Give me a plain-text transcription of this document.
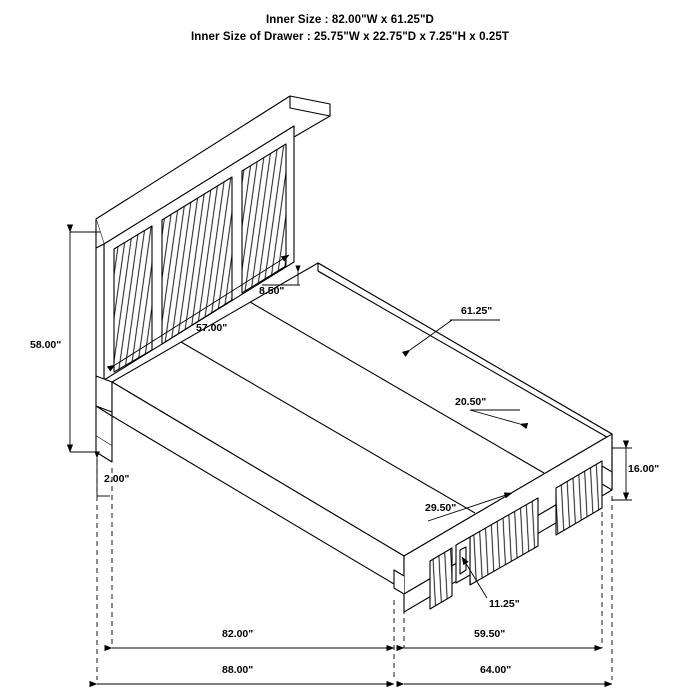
Inner Size : 82.00"W x 61.25"D
Inner Size of Drawer : 25.75"W x 22.75"D x 7.25"H x 0.25T
58.00"
57.00"
8.50"
61.25"
20.50"
16.00"
2.00"
29.50"
11.25"
82.00"	59.50"
88.00"	64.00"
